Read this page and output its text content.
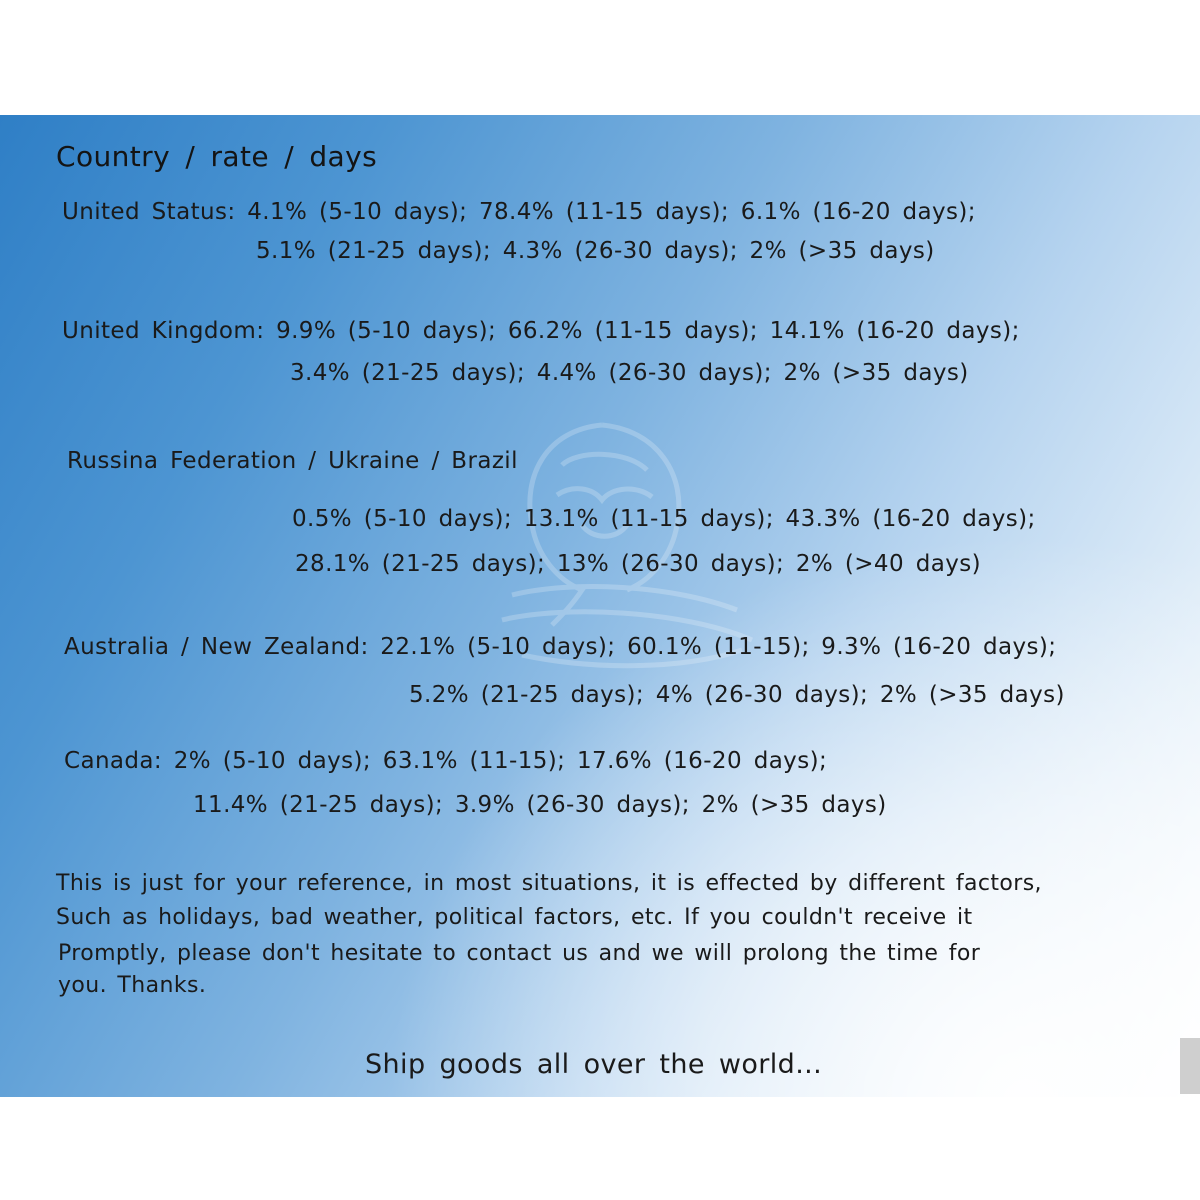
Country / rate / days
United Status: 4.1% (5-10 days); 78.4% (11-15 days); 6.1% (16-20 days);
5.1% (21-25 days); 4.3% (26-30 days); 2% (>35 days)
United Kingdom: 9.9% (5-10 days); 66.2% (11-15 days); 14.1% (16-20 days);
3.4% (21-25 days); 4.4% (26-30 days); 2% (>35 days)
Russina Federation / Ukraine / Brazil
0.5% (5-10 days); 13.1% (11-15 days); 43.3% (16-20 days);
28.1% (21-25 days); 13% (26-30 days); 2% (>40 days)
Australia / New Zealand: 22.1% (5-10 days); 60.1% (11-15); 9.3% (16-20 days);
5.2% (21-25 days); 4% (26-30 days); 2% (>35 days)
Canada: 2% (5-10 days); 63.1% (11-15); 17.6% (16-20 days);
11.4% (21-25 days); 3.9% (26-30 days); 2% (>35 days)
This is just for your reference, in most situations, it is effected by different factors,
Such as holidays, bad weather, political factors, etc. If you couldn't receive it
Promptly, please don't hesitate to contact us and we will prolong the time for
you. Thanks.
Ship goods all over the world...
